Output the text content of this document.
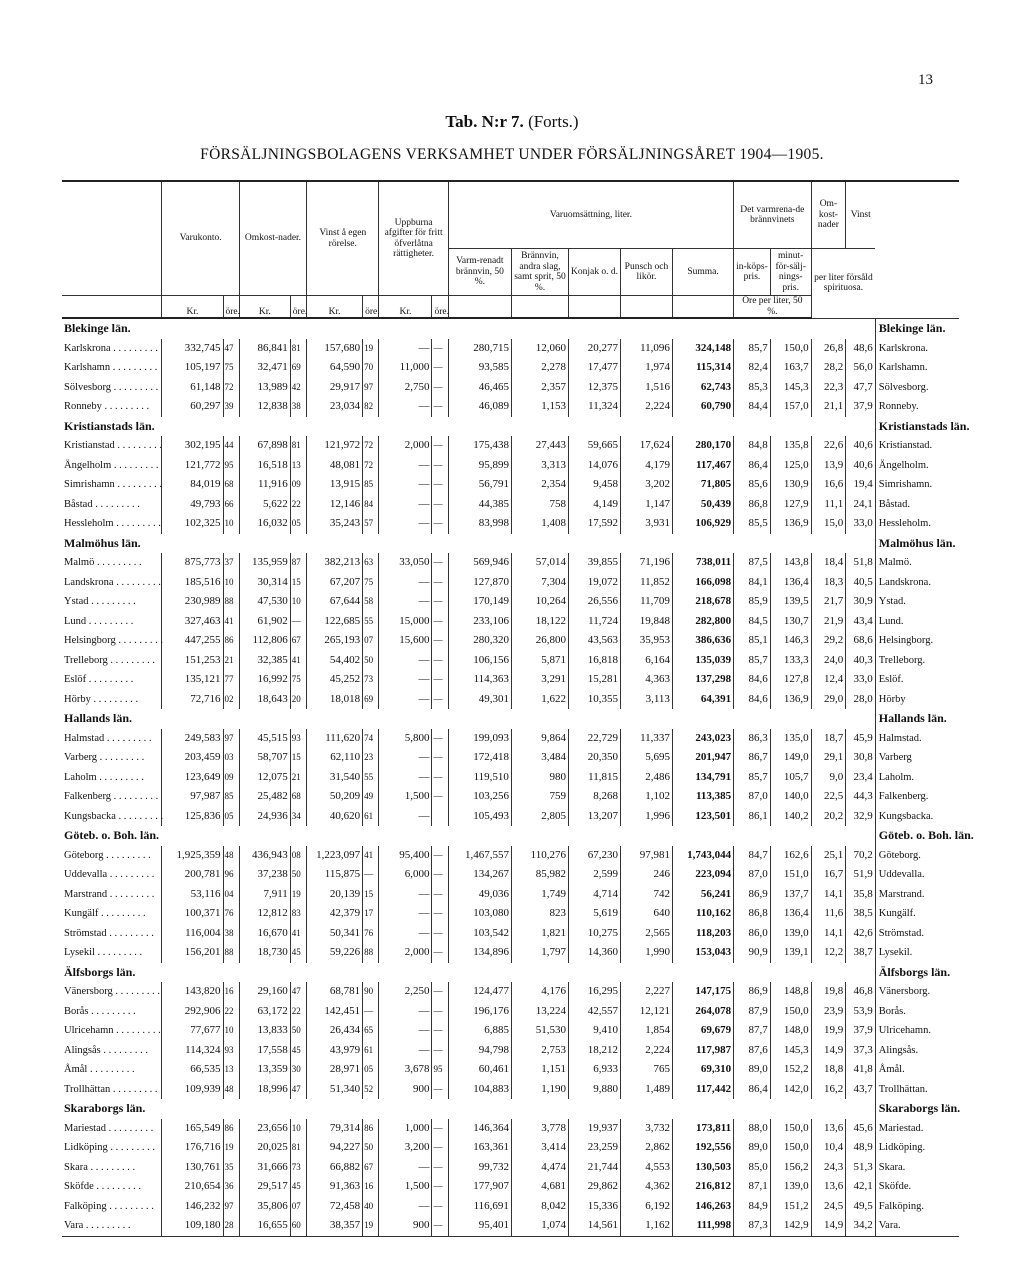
13
Tab. N:r 7. (Forts.)
FÖRSÄLJNINGSBOLAGENS VERKSAMHET UNDER FÖRSÄLJNINGSÅRET 1904—1905.
	Varukonto.		Omkost-nader.		Vinst å egen rörelse.		Uppburna afgifter för fritt öfverlåtna rättigheter.		Varuomsättning, liter.					Det varmrena-de brännvinets		Om-kost-nader	Vinst	
									Varm-renadt brännvin, 50 %.	Brännvin, andra slag, samt sprit, 50 %.	Konjak o. d.	Punsch och likör.	Summa.	in-köps-pris.	minut-för-sälj-nings-pris.	per liter försåld spirituosa.		
	Kr.	öre.	Kr.	öre.	Kr.	öre.	Kr.	öre.						Öre per liter, 50 %.				
Blekinge län.																		Blekinge län.
Karlskrona . . . . . . . . .	332,745	47	86,841	81	157,680	19	—	—	280,715	12,060	20,277	11,096	324,148	85,7	150,0	26,8	48,6	Karlskrona.
Karlshamn . . . . . . . . .	105,197	75	32,471	69	64,590	70	11,000	—	93,585	2,278	17,477	1,974	115,314	82,4	163,7	28,2	56,0	Karlshamn.
Sölvesborg . . . . . . . . .	61,148	72	13,989	42	29,917	97	2,750	—	46,465	2,357	12,375	1,516	62,743	85,3	145,3	22,3	47,7	Sölvesborg.
Ronneby . . . . . . . . .	60,297	39	12,838	38	23,034	82	—	—	46,089	1,153	11,324	2,224	60,790	84,4	157,0	21,1	37,9	Ronneby.
Kristianstads län.																		Kristianstads län.
Kristianstad . . . . . . . . .	302,195	44	67,898	81	121,972	72	2,000	—	175,438	27,443	59,665	17,624	280,170	84,8	135,8	22,6	40,6	Kristianstad.
Ängelholm . . . . . . . . .	121,772	95	16,518	13	48,081	72	—	—	95,899	3,313	14,076	4,179	117,467	86,4	125,0	13,9	40,6	Ängelholm.
Simrishamn . . . . . . . . .	84,019	68	11,916	09	13,915	85	—	—	56,791	2,354	9,458	3,202	71,805	85,6	130,9	16,6	19,4	Simrishamn.
Båstad . . . . . . . . .	49,793	66	5,622	22	12,146	84	—	—	44,385	758	4,149	1,147	50,439	86,8	127,9	11,1	24,1	Båstad.
Hessleholm . . . . . . . . .	102,325	10	16,032	05	35,243	57	—	—	83,998	1,408	17,592	3,931	106,929	85,5	136,9	15,0	33,0	Hessleholm.
Malmöhus län.																		Malmöhus län.
Malmö . . . . . . . . .	875,773	37	135,959	87	382,213	63	33,050	—	569,946	57,014	39,855	71,196	738,011	87,5	143,8	18,4	51,8	Malmö.
Landskrona . . . . . . . . .	185,516	10	30,314	15	67,207	75	—	—	127,870	7,304	19,072	11,852	166,098	84,1	136,4	18,3	40,5	Landskrona.
Ystad . . . . . . . . .	230,989	88	47,530	10	67,644	58	—	—	170,149	10,264	26,556	11,709	218,678	85,9	139,5	21,7	30,9	Ystad.
Lund . . . . . . . . .	327,463	41	61,902	—	122,685	55	15,000	—	233,106	18,122	11,724	19,848	282,800	84,5	130,7	21,9	43,4	Lund.
Helsingborg . . . . . . . . .	447,255	86	112,806	67	265,193	07	15,600	—	280,320	26,800	43,563	35,953	386,636	85,1	146,3	29,2	68,6	Helsingborg.
Trelleborg . . . . . . . . .	151,253	21	32,385	41	54,402	50	—	—	106,156	5,871	16,818	6,164	135,039	85,7	133,3	24,0	40,3	Trelleborg.
Eslöf . . . . . . . . .	135,121	77	16,992	75	45,252	73	—	—	114,363	3,291	15,281	4,363	137,298	84,6	127,8	12,4	33,0	Eslöf.
Hörby . . . . . . . . .	72,716	02	18,643	20	18,018	69	—	—	49,301	1,622	10,355	3,113	64,391	84,6	136,9	29,0	28,0	Hörby
Hallands län.																		Hallands län.
Halmstad . . . . . . . . .	249,583	97	45,515	93	111,620	74	5,800	—	199,093	9,864	22,729	11,337	243,023	86,3	135,0	18,7	45,9	Halmstad.
Varberg . . . . . . . . .	203,459	03	58,707	15	62,110	23	—	—	172,418	3,484	20,350	5,695	201,947	86,7	149,0	29,1	30,8	Varberg
Laholm . . . . . . . . .	123,649	09	12,075	21	31,540	55	—	—	119,510	980	11,815	2,486	134,791	85,7	105,7	9,0	23,4	Laholm.
Falkenberg . . . . . . . . .	97,987	85	25,482	68	50,209	49	1,500	—	103,256	759	8,268	1,102	113,385	87,0	140,0	22,5	44,3	Falkenberg.
Kungsbacka . . . . . . . . .	125,836	05	24,936	34	40,620	61	—		105,493	2,805	13,207	1,996	123,501	86,1	140,2	20,2	32,9	Kungsbacka.
Göteb. o. Boh. län.																		Göteb. o. Boh. län.
Göteborg . . . . . . . . .	1,925,359	48	436,943	08	1,223,097	41	95,400	—	1,467,557	110,276	67,230	97,981	1,743,044	84,7	162,6	25,1	70,2	Göteborg.
Uddevalla . . . . . . . . .	200,781	96	37,238	50	115,875	—	6,000	—	134,267	85,982	2,599	246	223,094	87,0	151,0	16,7	51,9	Uddevalla.
Marstrand . . . . . . . . .	53,116	04	7,911	19	20,139	15	—	—	49,036	1,749	4,714	742	56,241	86,9	137,7	14,1	35,8	Marstrand.
Kungälf . . . . . . . . .	100,371	76	12,812	83	42,379	17	—	—	103,080	823	5,619	640	110,162	86,8	136,4	11,6	38,5	Kungälf.
Strömstad . . . . . . . . .	116,004	38	16,670	41	50,341	76	—	—	103,542	1,821	10,275	2,565	118,203	86,0	139,0	14,1	42,6	Strömstad.
Lysekil . . . . . . . . .	156,201	88	18,730	45	59,226	88	2,000	—	134,896	1,797	14,360	1,990	153,043	90,9	139,1	12,2	38,7	Lysekil.
Älfsborgs län.																		Älfsborgs län.
Vänersborg . . . . . . . . .	143,820	16	29,160	47	68,781	90	2,250	—	124,477	4,176	16,295	2,227	147,175	86,9	148,8	19,8	46,8	Vänersborg.
Borås . . . . . . . . .	292,906	22	63,172	22	142,451	—	—	—	196,176	13,224	42,557	12,121	264,078	87,9	150,0	23,9	53,9	Borås.
Ulricehamn . . . . . . . . .	77,677	10	13,833	50	26,434	65	—	—	6,885	51,530	9,410	1,854	69,679	87,7	148,0	19,9	37,9	Ulricehamn.
Alingsås . . . . . . . . .	114,324	93	17,558	45	43,979	61	—	—	94,798	2,753	18,212	2,224	117,987	87,6	145,3	14,9	37,3	Alingsås.
Åmål . . . . . . . . .	66,535	13	13,359	30	28,971	05	3,678	95	60,461	1,151	6,933	765	69,310	89,0	152,2	18,8	41,8	Åmål.
Trollhättan . . . . . . . . .	109,939	48	18,996	47	51,340	52	900	—	104,883	1,190	9,880	1,489	117,442	86,4	142,0	16,2	43,7	Trollhättan.
Skaraborgs län.																		Skaraborgs län.
Mariestad . . . . . . . . .	165,549	86	23,656	10	79,314	86	1,000	—	146,364	3,778	19,937	3,732	173,811	88,0	150,0	13,6	45,6	Mariestad.
Lidköping . . . . . . . . .	176,716	19	20,025	81	94,227	50	3,200	—	163,361	3,414	23,259	2,862	192,556	89,0	150,0	10,4	48,9	Lidköping.
Skara . . . . . . . . .	130,761	35	31,666	73	66,882	67	—	—	99,732	4,474	21,744	4,553	130,503	85,0	156,2	24,3	51,3	Skara.
Sköfde . . . . . . . . .	210,654	36	29,517	45	91,363	16	1,500	—	177,907	4,681	29,862	4,362	216,812	87,1	139,0	13,6	42,1	Sköfde.
Falköping . . . . . . . . .	146,232	97	35,806	07	72,458	40	—	—	116,691	8,042	15,336	6,192	146,263	84,9	151,2	24,5	49,5	Falköping.
Vara . . . . . . . . .	109,180	28	16,655	60	38,357	19	900	—	95,401	1,074	14,561	1,162	111,998	87,3	142,9	14,9	34,2	Vara.
